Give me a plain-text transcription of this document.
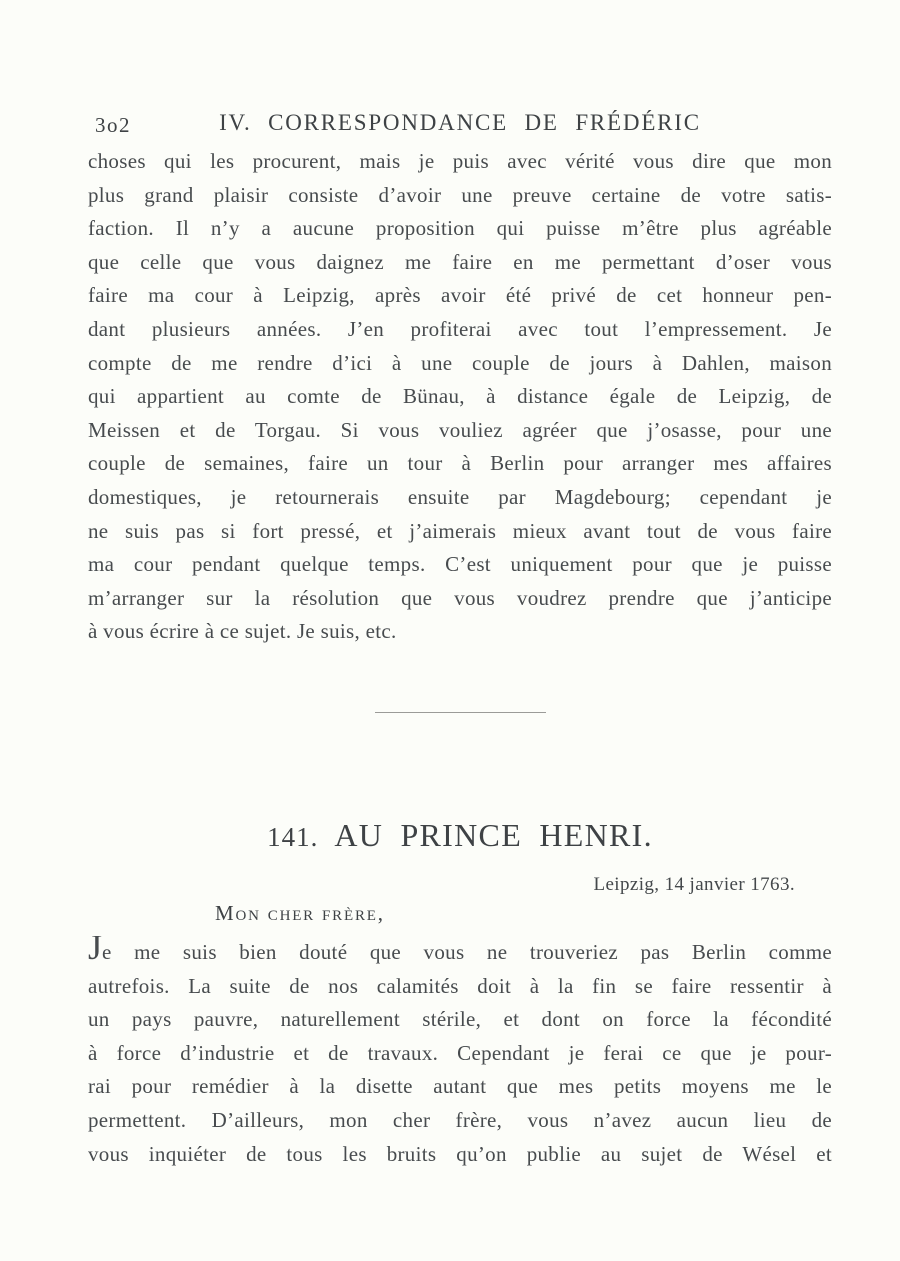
3o2	IV. CORRESPONDANCE DE FRÉDÉRIC
choses qui les procurent, mais je puis avec vérité vous dire que mon
plus grand plaisir consiste d’avoir une preuve certaine de votre satis-
faction. Il n’y a aucune proposition qui puisse m’être plus agréable
que celle que vous daignez me faire en me permettant d’oser vous
faire ma cour à Leipzig, après avoir été privé de cet honneur pen-
dant plusieurs années. J’en profiterai avec tout l’empressement. Je
compte de me rendre d’ici à une couple de jours à Dahlen, maison
qui appartient au comte de Bünau, à distance égale de Leipzig, de
Meissen et de Torgau. Si vous vouliez agréer que j’osasse, pour une
couple de semaines, faire un tour à Berlin pour arranger mes affaires
domestiques, je retournerais ensuite par Magdebourg; cependant je
ne suis pas si fort pressé, et j’aimerais mieux avant tout de vous faire
ma cour pendant quelque temps. C’est uniquement pour que je puisse
m’arranger sur la résolution que vous voudrez prendre que j’anticipe
à vous écrire à ce sujet. Je suis, etc.
141. AU PRINCE HENRI.
Leipzig, 14 janvier 1763.
Mon cher frère,
Je me suis bien douté que vous ne trouveriez pas Berlin comme
autrefois. La suite de nos calamités doit à la fin se faire ressentir à
un pays pauvre, naturellement stérile, et dont on force la fécondité
à force d’industrie et de travaux. Cependant je ferai ce que je pour-
rai pour remédier à la disette autant que mes petits moyens me le
permettent. D’ailleurs, mon cher frère, vous n’avez aucun lieu de
vous inquiéter de tous les bruits qu’on publie au sujet de Wésel et
